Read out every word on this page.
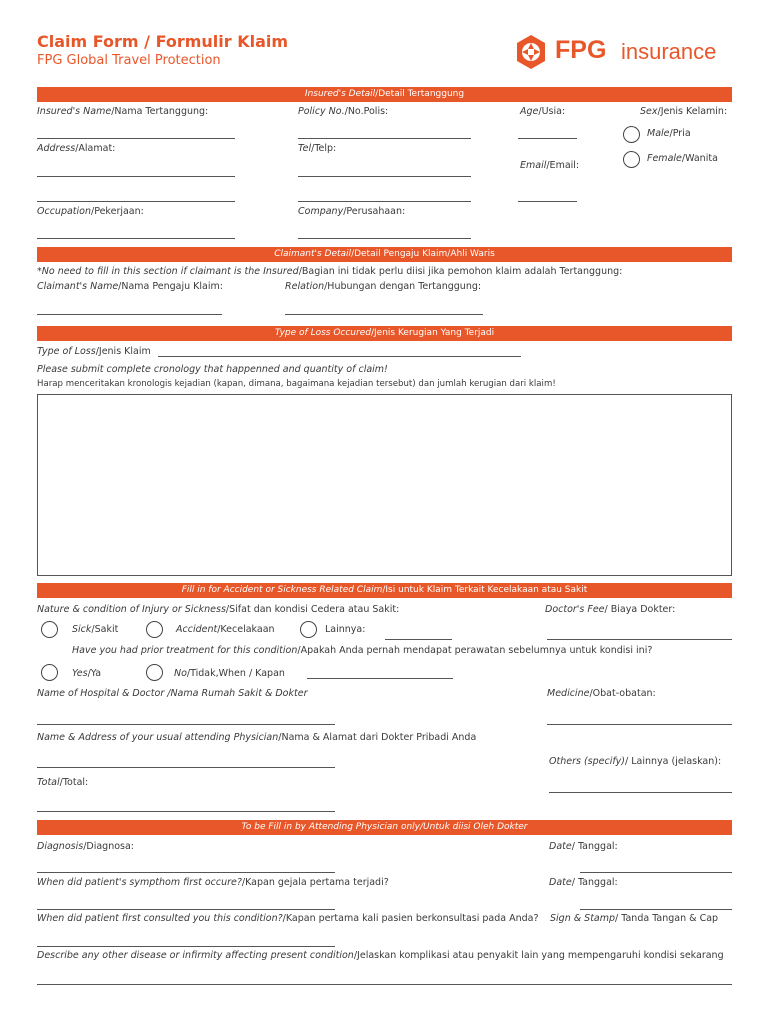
Claim Form / Formulir Klaim
FPG Global Travel Protection	FPG insurance
Insured's Detail/Detail Tertanggung
Insured's Name/Nama Tertanggung:	Policy No./No.Polis:	Age/Usia:	Sex/Jenis Kelamin:
Male/Pria
Female/Wanita
Address/Alamat:	Tel/Telp:
Email/Email:
Occupation/Pekerjaan:	Company/Perusahaan:
Claimant's Detail/Detail Pengaju Klaim/Ahli Waris
*No need to fill in this section if claimant is the Insured/Bagian ini tidak perlu diisi jika pemohon klaim adalah Tertanggung:
Claimant's Name/Nama Pengaju Klaim:	Relation/Hubungan dengan Tertanggung:
Type of Loss Occured/Jenis Kerugian Yang Terjadi
Type of Loss/Jenis Klaim
Please submit complete cronology that happenned and quantity of claim!
Harap menceritakan kronologis kejadian (kapan, dimana, bagaimana kejadian tersebut) dan jumlah kerugian dari klaim!
Fill in for Accident or Sickness Related Claim/Isi untuk Klaim Terkait Kecelakaan atau Sakit
Nature & condition of Injury or Sickness/Sifat dan kondisi Cedera atau Sakit:	Doctor's Fee/ Biaya Dokter:
Sick/Sakit	Accident/Kecelakaan	Lainnya:
Have you had prior treatment for this condition/Apakah Anda pernah mendapat perawatan sebelumnya untuk kondisi ini?
Yes/Ya	No/Tidak,When / Kapan
Name of Hospital & Doctor /Nama Rumah Sakit & Dokter	Medicine/Obat-obatan:
Name & Address of your usual attending Physician/Nama & Alamat dari Dokter Pribadi Anda
Others (specify)/ Lainnya (jelaskan):
Total/Total:
To be Fill in by Attending Physician only/Untuk diisi Oleh Dokter
Diagnosis/Diagnosa:	Date/ Tanggal:
When did patient's sympthom first occure?/Kapan gejala pertama terjadi?	Date/ Tanggal:
When did patient first consulted you this condition?/Kapan pertama kali pasien berkonsultasi pada Anda? Sign & Stamp/ Tanda Tangan & Cap
Describe any other disease or infirmity affecting present condition/Jelaskan komplikasi atau penyakit lain yang mempengaruhi kondisi sekarang
